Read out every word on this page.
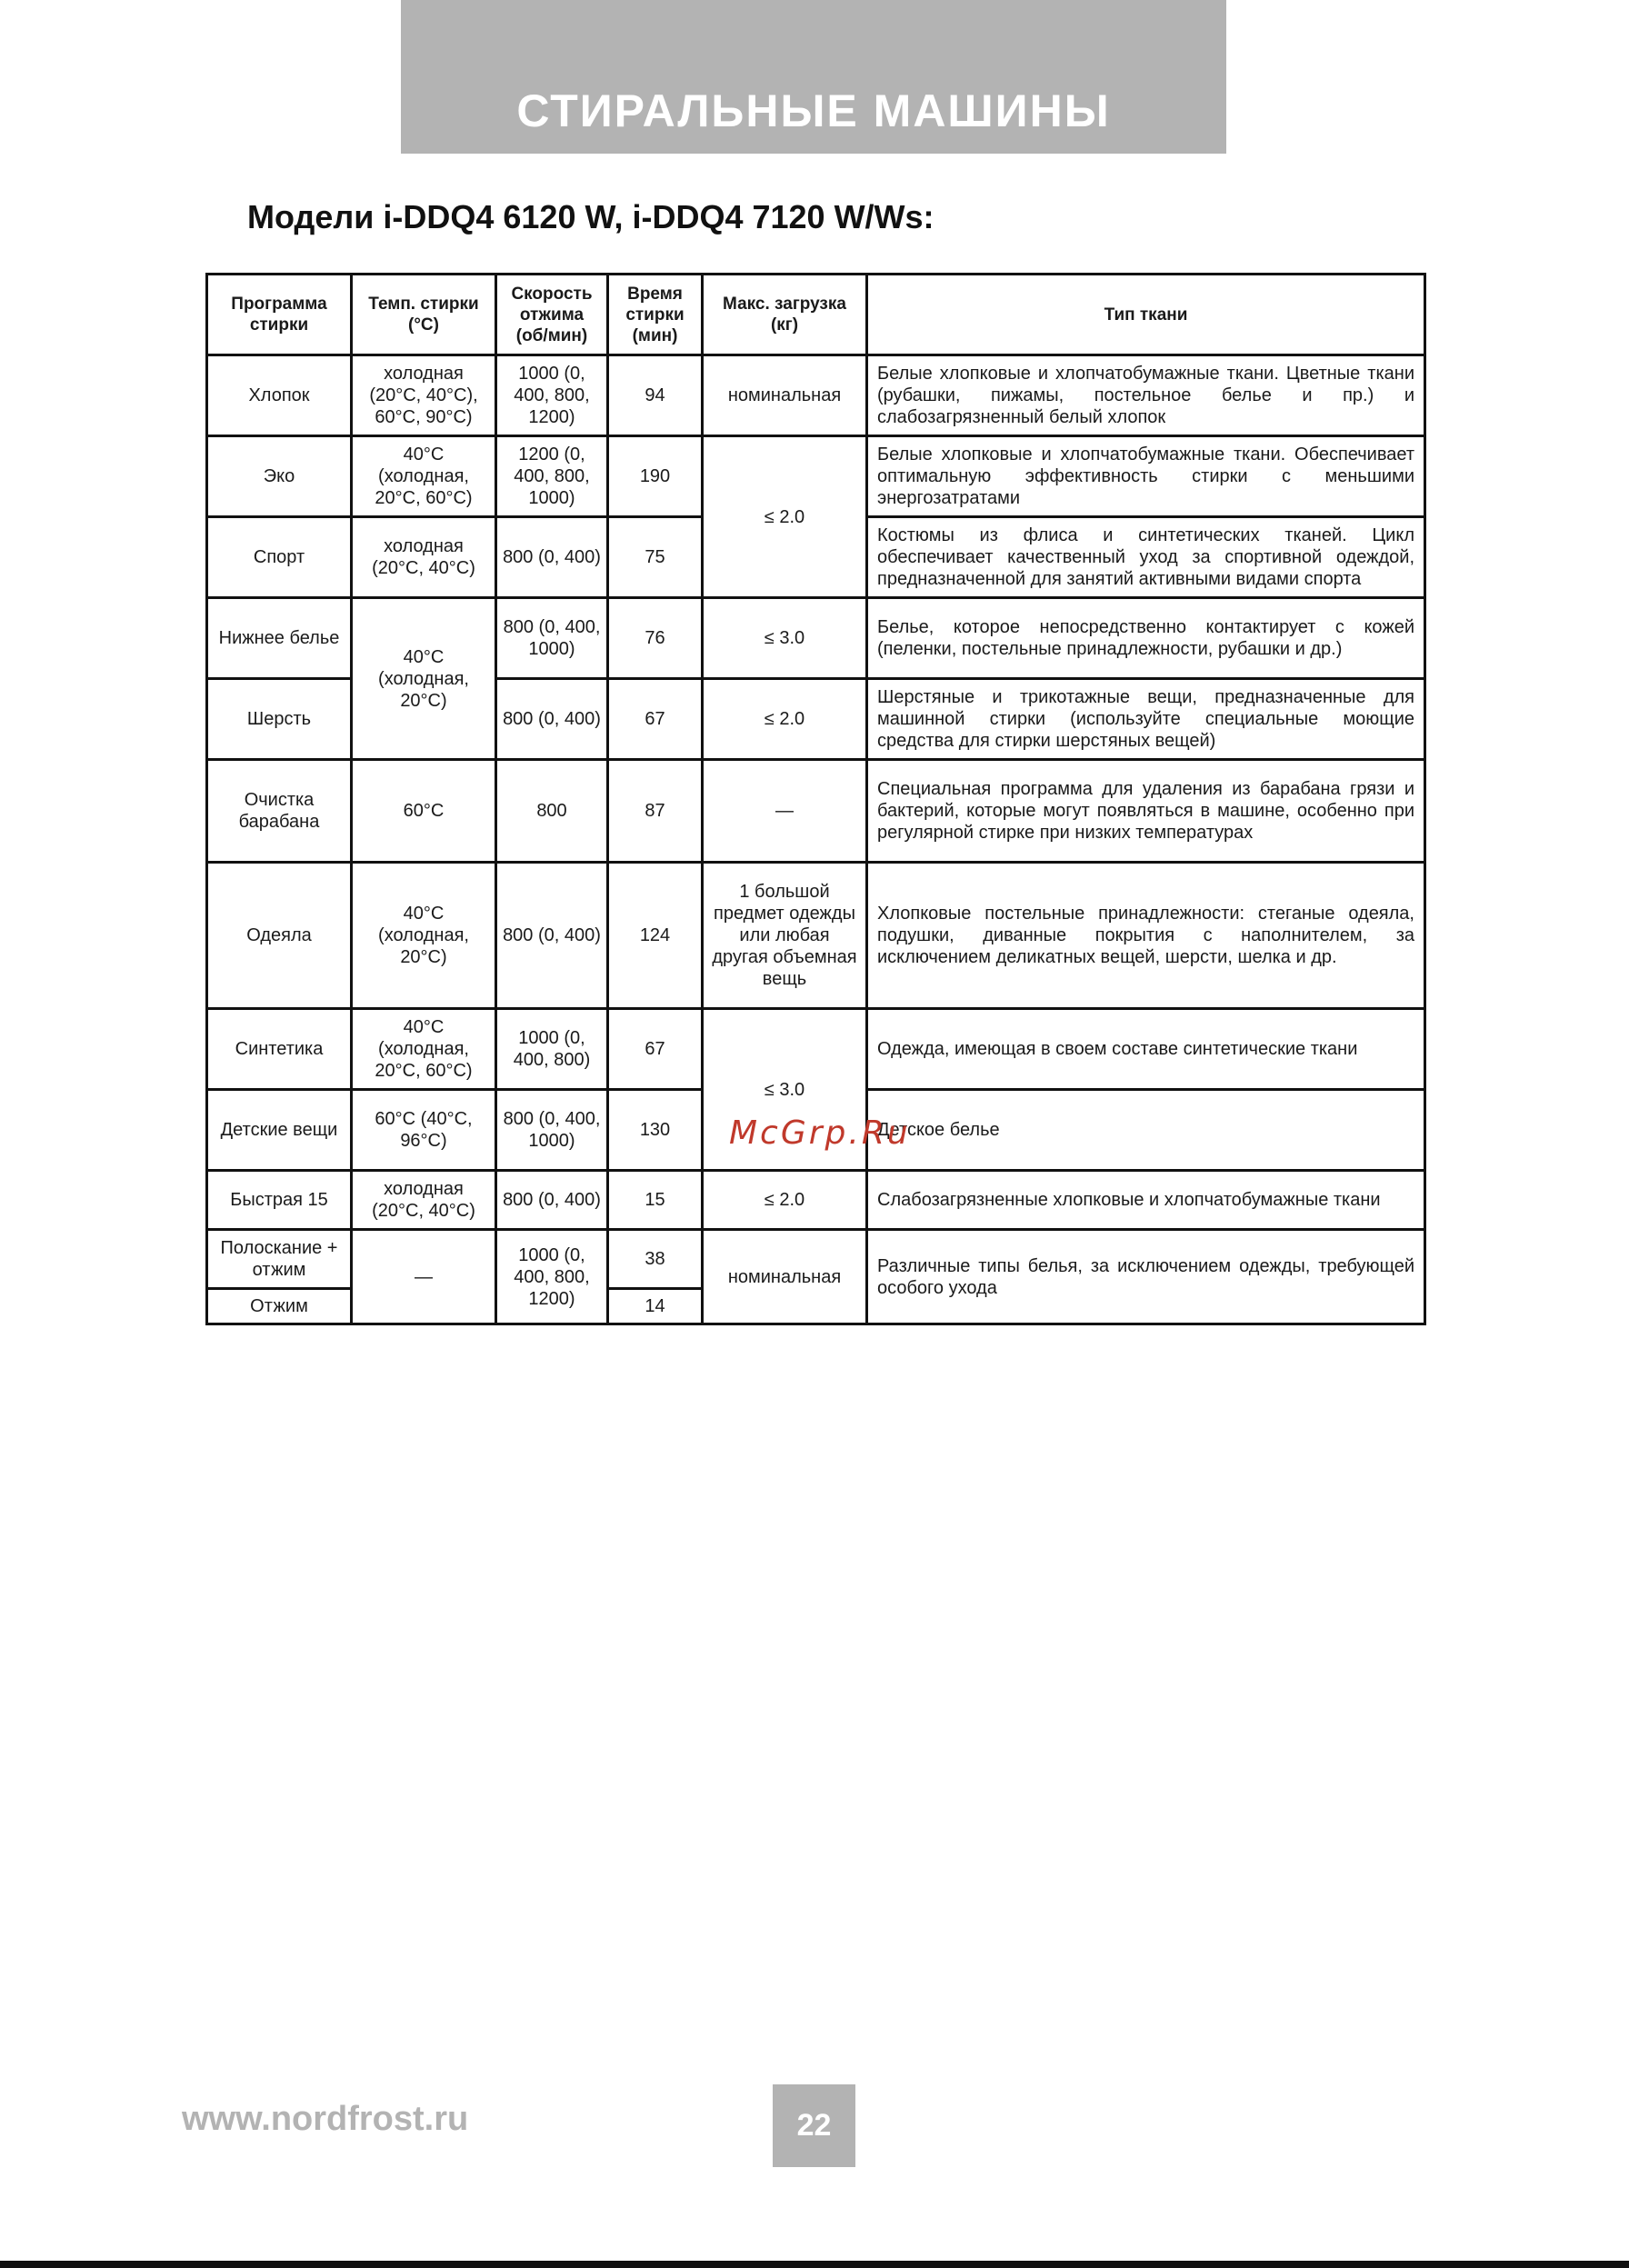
СТИРАЛЬНЫЕ МАШИНЫ
Модели i-DDQ4 6120 W, i-DDQ4 7120 W/Ws:
Программа стирки	Темп. стирки (°C)	Скорость отжима (об/мин)	Время стирки (мин)	Макс. загрузка (кг)	Тип ткани
Хлопок	холодная (20°C, 40°C), 60°C, 90°C)	1000 (0, 400, 800, 1200)	94	номинальная	Белые хлопковые и хлопчатобумажные ткани. Цветные ткани (рубашки, пижамы, постельное белье и пр.) и слабозагрязненный белый хлопок
Эко	40°C (холодная, 20°C, 60°C)	1200 (0, 400, 800, 1000)	190	≤ 2.0	Белые хлопковые и хлопчатобумажные ткани. Обеспечивает оптимальную эффективность стирки с меньшими энергозатратами
Спорт	холодная (20°C, 40°C)	800 (0, 400)	75		Костюмы из флиса и синтетических тканей. Цикл обеспечивает качественный уход за спортивной одеждой, предназначенной для занятий активными видами спорта
Нижнее белье	40°C (холодная, 20°C)	800 (0, 400, 1000)	76	≤ 3.0	Белье, которое непосредственно контактирует с кожей (пеленки, постельные принадлежности, рубашки и др.)
Шерсть		800 (0, 400)	67	≤ 2.0	Шерстяные и трикотажные вещи, предназначенные для машинной стирки (используйте специальные моющие средства для стирки шерстяных вещей)
Очистка барабана	60°C	800	87	—	Специальная программа для удаления из барабана грязи и бактерий, которые могут появляться в машине, особенно при регулярной стирке при низких температурах
Одеяла	40°C (холодная, 20°C)	800 (0, 400)	124	1 большой предмет одежды или любая другая объемная вещь	Хлопковые постельные принадлежности: стеганые одеяла, подушки, диванные покрытия с наполнителем, за исключением деликатных вещей, шерсти, шелка и др.
Синтетика	40°C (холодная, 20°C, 60°C)	1000 (0, 400, 800)	67	≤ 3.0	Одежда, имеющая в своем составе синтетические ткани
Детские вещи	60°C (40°C, 96°C)	800 (0, 400, 1000)	130		Детское белье
Быстрая 15	холодная (20°C, 40°C)	800 (0, 400)	15	≤ 2.0	Слабозагрязненные хлопковые и хлопчатобумажные ткани
Полоскание + отжим	—	1000 (0, 400, 800, 1200)	38	номинальная	Различные типы белья, за исключением одежды, требующей особого ухода
Отжим			14		
McGrp.Ru
www.nordfrost.ru	22
